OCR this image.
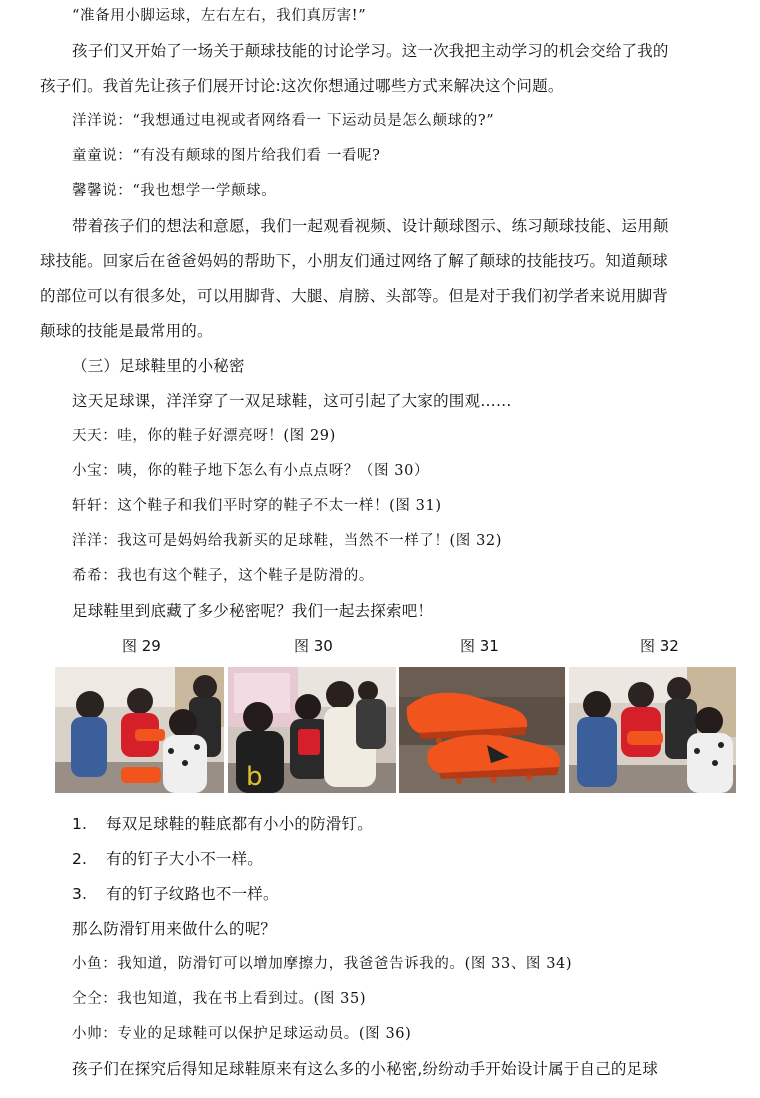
“准备用小脚运球，左右左右，我们真厉害!”
孩子们又开始了一场关于颠球技能的讨论学习。这一次我把主动学习的机会交给了我的
孩子们。我首先让孩子们展开讨论:这次你想通过哪些方式来解决这个问题。
洋洋说：“我想通过电视或者网络看一 下运动员是怎么颠球的?”
童童说：“有没有颠球的图片给我们看 一看呢?
馨馨说：“我也想学一学颠球。
带着孩子们的想法和意愿，我们一起观看视频、设计颠球图示、练习颠球技能、运用颠
球技能。回家后在爸爸妈妈的帮助下，小朋友们通过网络了解了颠球的技能技巧。知道颠球
的部位可以有很多处，可以用脚背、大腿、肩膀、头部等。但是对于我们初学者来说用脚背
颠球的技能是最常用的。
（三）足球鞋里的小秘密
这天足球课，洋洋穿了一双足球鞋，这可引起了大家的围观……
天天：哇，你的鞋子好漂亮呀！(图 29)
小宝：咦，你的鞋子地下怎么有小点点呀？（图 30）
轩轩：这个鞋子和我们平时穿的鞋子不太一样！(图 31)
洋洋：我这可是妈妈给我新买的足球鞋，当然不一样了！(图 32)
希希：我也有这个鞋子，这个鞋子是防滑的。
足球鞋里到底藏了多少秘密呢？我们一起去探索吧！
图 29	图 30	图 31	图 32
b
1. 每双足球鞋的鞋底都有小小的防滑钉。
2. 有的钉子大小不一样。
3. 有的钉子纹路也不一样。
那么防滑钉用来做什么的呢？
小鱼：我知道，防滑钉可以增加摩擦力，我爸爸告诉我的。(图 33、图 34)
仝仝：我也知道，我在书上看到过。(图 35)
小帅：专业的足球鞋可以保护足球运动员。(图 36)
孩子们在探究后得知足球鞋原来有这么多的小秘密,纷纷动手开始设计属于自己的足球
